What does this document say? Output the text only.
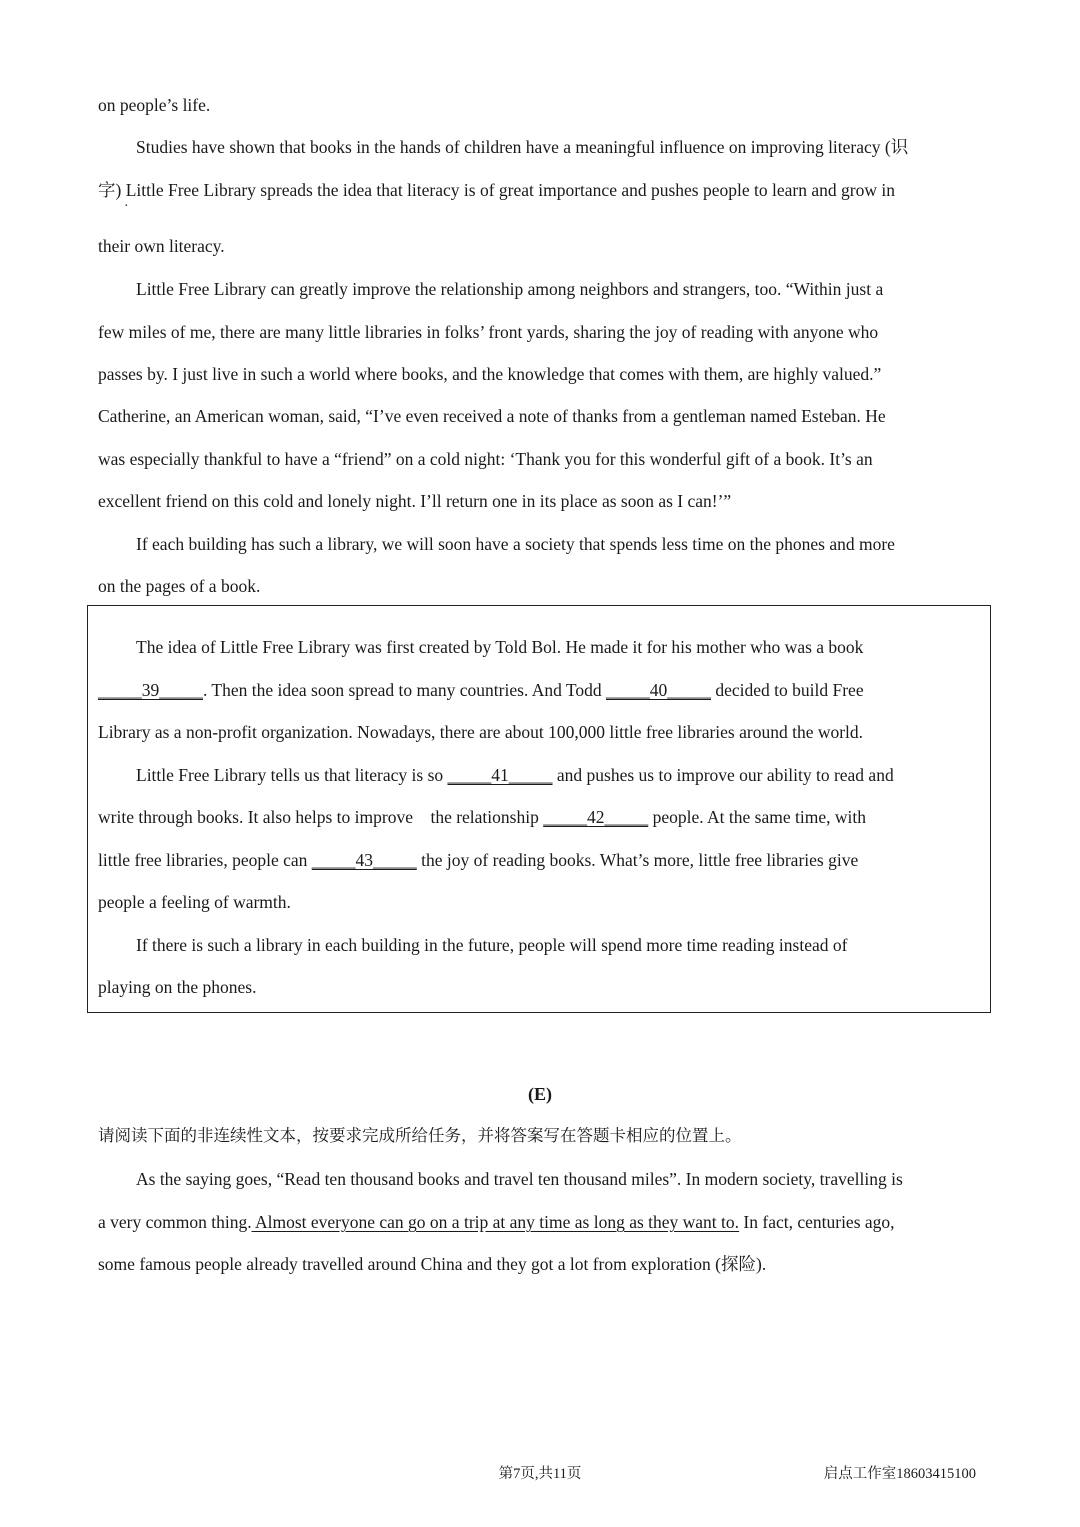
on people’s life.
Studies have shown that books in the hands of children have a meaningful influence on improving literacy (识
字) Little Free Library spreads the idea that literacy is of great importance and pushes people to learn and grow in
·
their own literacy.
Little Free Library can greatly improve the relationship among neighbors and strangers, too. “Within just a
few miles of me, there are many little libraries in folks’ front yards, sharing the joy of reading with anyone who
passes by. I just live in such a world where books, and the knowledge that comes with them, are highly valued.”
Catherine, an American woman, said, “I’ve even received a note of thanks from a gentleman named Esteban. He
was especially thankful to have a “friend” on a cold night: ‘Thank you for this wonderful gift of a book. It’s an
excellent friend on this cold and lonely night. I’ll return one in its place as soon as I can!’”
If each building has such a library, we will soon have a society that spends less time on the phones and more
on the pages of a book.
The idea of Little Free Library was first created by Told Bol. He made it for his mother who was a book
_____39_____. Then the idea soon spread to many countries. And Todd _____40_____ decided to build Free
Library as a non-profit organization. Nowadays, there are about 100,000 little free libraries around the world.
Little Free Library tells us that literacy is so _____41_____ and pushes us to improve our ability to read and
write through books. It also helps to improve    the relationship _____42_____ people. At the same time, with
little free libraries, people can _____43_____ the joy of reading books. What’s more, little free libraries give
people a feeling of warmth.
If there is such a library in each building in the future, people will spend more time reading instead of
playing on the phones.
(E)
请阅读下面的非连续性文本，按要求完成所给任务，并将答案写在答题卡相应的位置上。
As the saying goes, “Read ten thousand books and travel ten thousand miles”. In modern society, travelling is
a very common thing. Almost everyone can go on a trip at any time as long as they want to. In fact, centuries ago,
some famous people already travelled around China and they got a lot from exploration (探险).
第7页,共11页	启点工作室18603415100
